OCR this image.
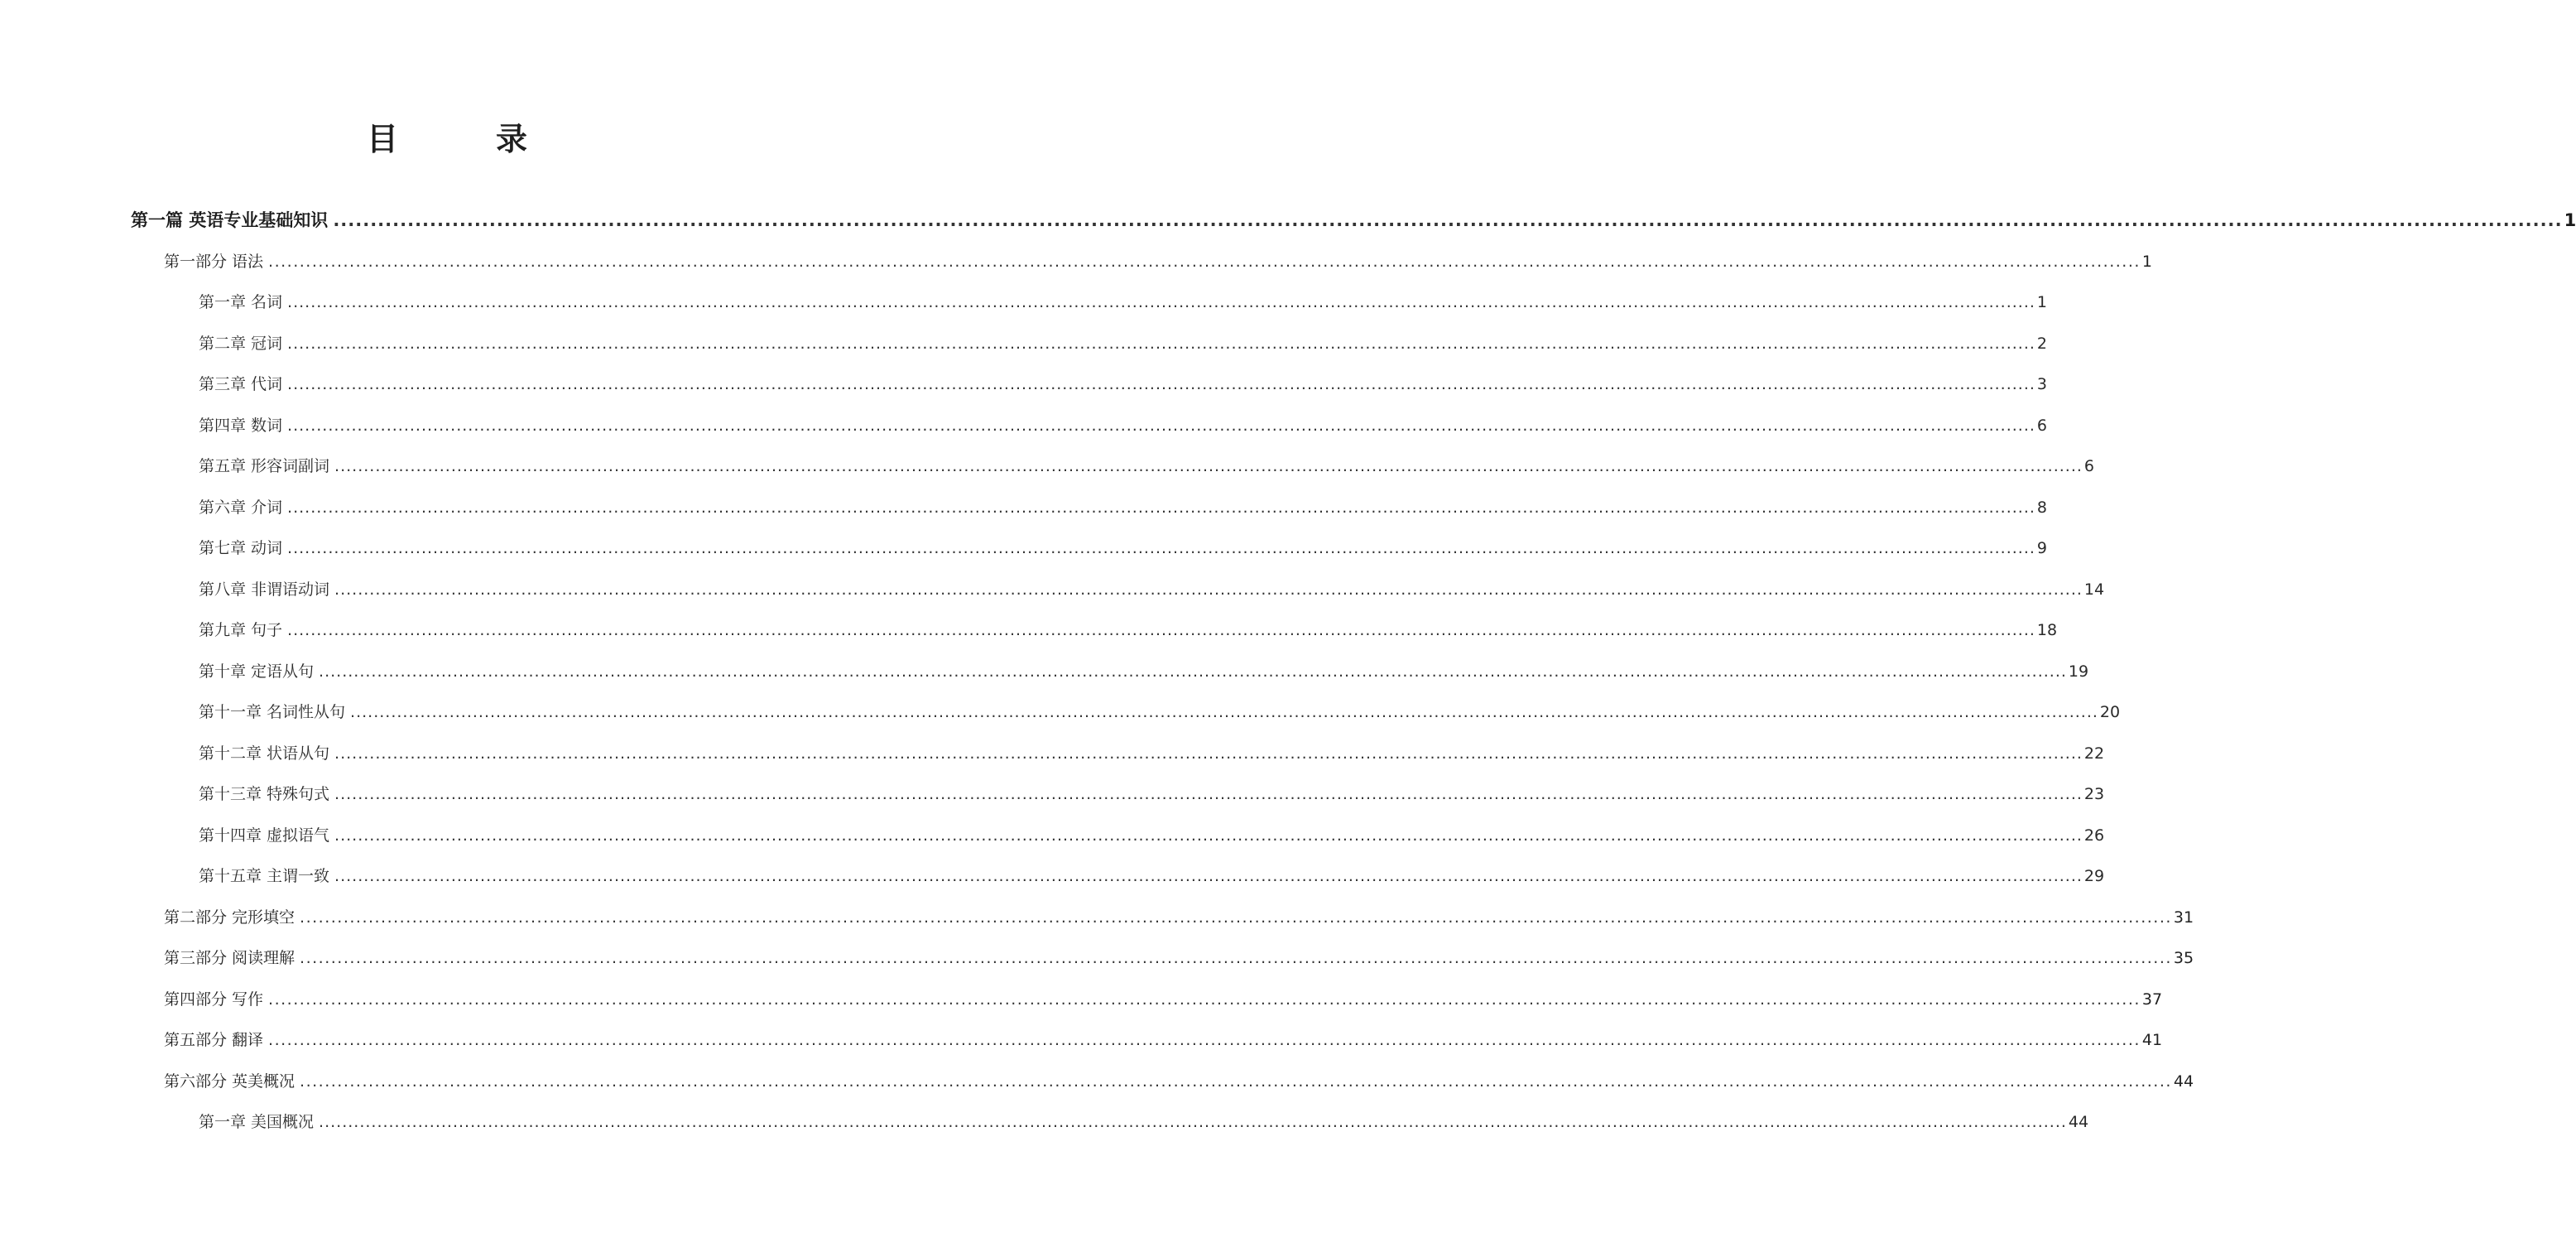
目　录
第一篇 英语专业基础知识 ............................................................................................................................................................................................................................................................................................................ 1
第一部分 语法 ............................................................................................................................................................................................................................................................................................................ 1
第一章 名词 ............................................................................................................................................................................................................................................................................................................ 1
第二章 冠词 ............................................................................................................................................................................................................................................................................................................ 2
第三章 代词 ............................................................................................................................................................................................................................................................................................................ 3
第四章 数词 ............................................................................................................................................................................................................................................................................................................ 6
第五章 形容词副词 ............................................................................................................................................................................................................................................................................................................ 6
第六章 介词 ............................................................................................................................................................................................................................................................................................................ 8
第七章 动词 ............................................................................................................................................................................................................................................................................................................ 9
第八章 非谓语动词 ............................................................................................................................................................................................................................................................................................................ 14
第九章 句子 ............................................................................................................................................................................................................................................................................................................ 18
第十章 定语从句 ............................................................................................................................................................................................................................................................................................................ 19
第十一章 名词性从句 ............................................................................................................................................................................................................................................................................................................ 20
第十二章 状语从句 ............................................................................................................................................................................................................................................................................................................ 22
第十三章 特殊句式 ............................................................................................................................................................................................................................................................................................................ 23
第十四章 虚拟语气 ............................................................................................................................................................................................................................................................................................................ 26
第十五章 主谓一致 ............................................................................................................................................................................................................................................................................................................ 29
第二部分 完形填空 ............................................................................................................................................................................................................................................................................................................ 31
第三部分 阅读理解 ............................................................................................................................................................................................................................................................................................................ 35
第四部分 写作 ............................................................................................................................................................................................................................................................................................................ 37
第五部分 翻译 ............................................................................................................................................................................................................................................................................................................ 41
第六部分 英美概况 ............................................................................................................................................................................................................................................................................................................ 44
第一章 美国概况 ............................................................................................................................................................................................................................................................................................................ 44
